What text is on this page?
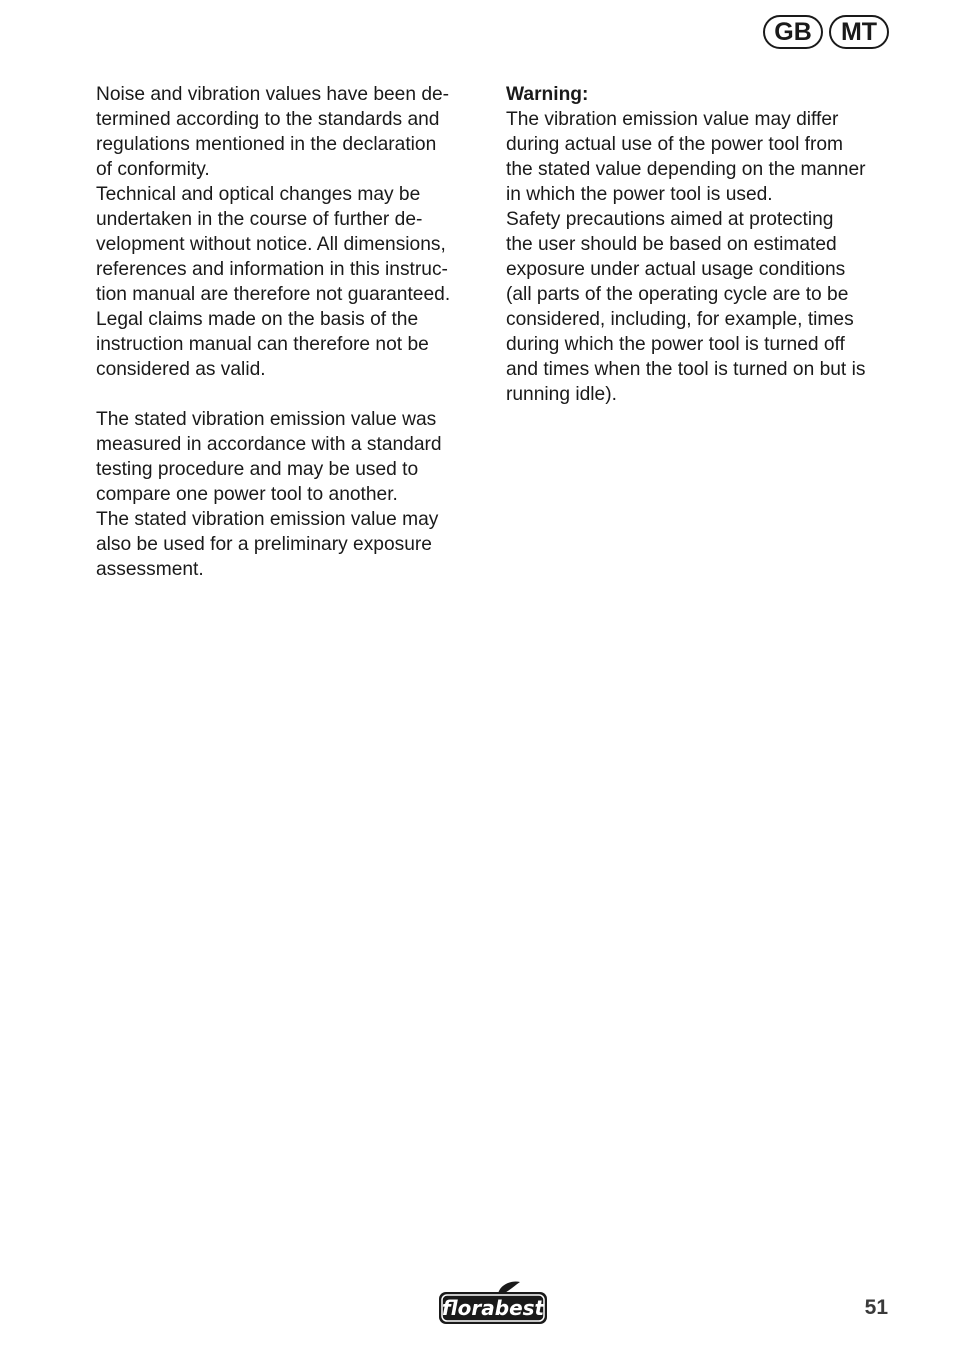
GB	MT
Noise and vibration values have been de-
termined according to the standards and
regulations mentioned in the declaration
of conformity.
Technical and optical changes may be
undertaken in the course of further de-
velopment without notice. All dimensions,
references and information in this instruc-
tion manual are therefore not guaranteed.
Legal claims made on the basis of the
instruction manual can therefore not be
considered as valid.
The stated vibration emission value was
measured in accordance with a standard
testing procedure and may be used to
compare one power tool to another.
The stated vibration emission value may
also be used for a preliminary exposure
assessment.
Warning:
The vibration emission value may differ
during actual use of the power tool from
the stated value depending on the manner
in which the power tool is used.
Safety precautions aimed at protecting
the user should be based on estimated
exposure under actual usage conditions
(all parts of the operating cycle are to be
considered, including, for example, times
during which the power tool is turned off
and times when the tool is turned on but is
running idle).
florabest	51
